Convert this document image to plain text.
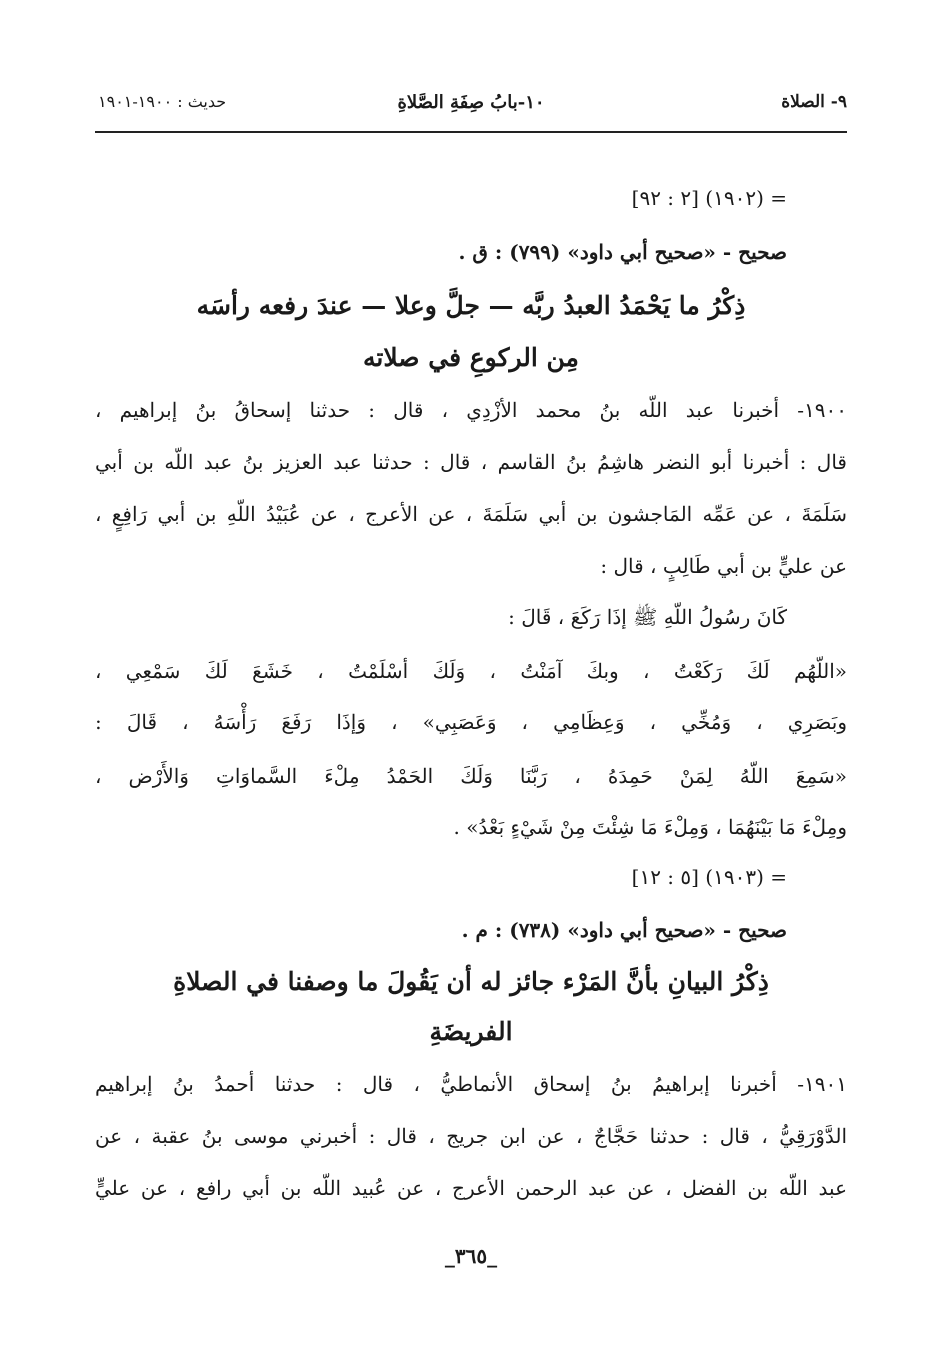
٩- الصلاة
١٠-بابُ صِفَةِ الصَّلاةِ
حديث : ١٩٠٠-١٩٠١
= (١٩٠٢) [٢ : ٩٢]
صحيح - «صحيح أبي داود» (٧٩٩) : ق .
ذِكْرُ ما يَحْمَدُ العبدُ ربَّه — جلَّ وعلا — عندَ رفعه رأسَه
مِن الركوعِ في صلاته
١٩٠٠- أخبرنا عبد اللّه بنُ محمد الأزْدِي ، قال : حدثنا إسحاقُ بنُ إبراهيم ،
قال : أخبرنا أبو النضر هاشِمُ بنُ القاسم ، قال : حدثنا عبد العزيز بنُ عبد اللّه بن أبي
سَلَمَةَ ، عن عَمِّه المَاجشون بن أبي سَلَمَةَ ، عن الأعرج ، عن عُبَيْدُ اللّهِ بن أبي رَافِعٍ ،
عن عليٍّ بن أبي طَالِبٍ ، قال :
كَانَ رسُولُ اللّهِ ﷺ إذَا رَكَعَ ، قَالَ :
«اللّهُم لَكَ رَكَعْتُ ، وبكَ آمَنْتُ ، وَلَكَ أسْلَمْتُ ، خَشَعَ لَكَ سَمْعِي ،
وبَصَرِي ، وَمُخِّي ، وَعِظَامِي ، وَعَصَبِي» ، وَإذَا رَفَعَ رَأْسَهُ ، قَالَ :
«سَمِعَ اللّهُ لِمَنْ حَمِدَهُ ، رَبَّنَا وَلَكَ الحَمْدُ مِلْءَ السَّماوَاتِ وَالأَرْض ،
ومِلْءَ مَا بَيْنَهُمَا ، وَمِلْءَ مَا شِئْتَ مِنْ شَيْءٍ بَعْدُ» .
= (١٩٠٣) [٥ : ١٢]
صحيح - «صحيح أبي داود» (٧٣٨) : م .
ذِكْرُ البيانِ بأنَّ المَرْء جائز له أن يَقُولَ ما وصفنا في الصلاةِ
الفريضَةِ
١٩٠١- أخبرنا إبراهيمُ بنُ إسحاق الأنماطيُّ ، قال : حدثنا أحمدُ بنُ إبراهيم
الدَّوْرَقِيُّ ، قال : حدثنا حَجَّاجٌ ، عن ابن جريج ، قال : أخبرني موسى بنُ عقبة ، عن
عبد اللّه بن الفضل ، عن عبد الرحمن الأعرج ، عن عُبيد اللّه بن أبي رافع ، عن عليٍّ
_٣٦٥_
